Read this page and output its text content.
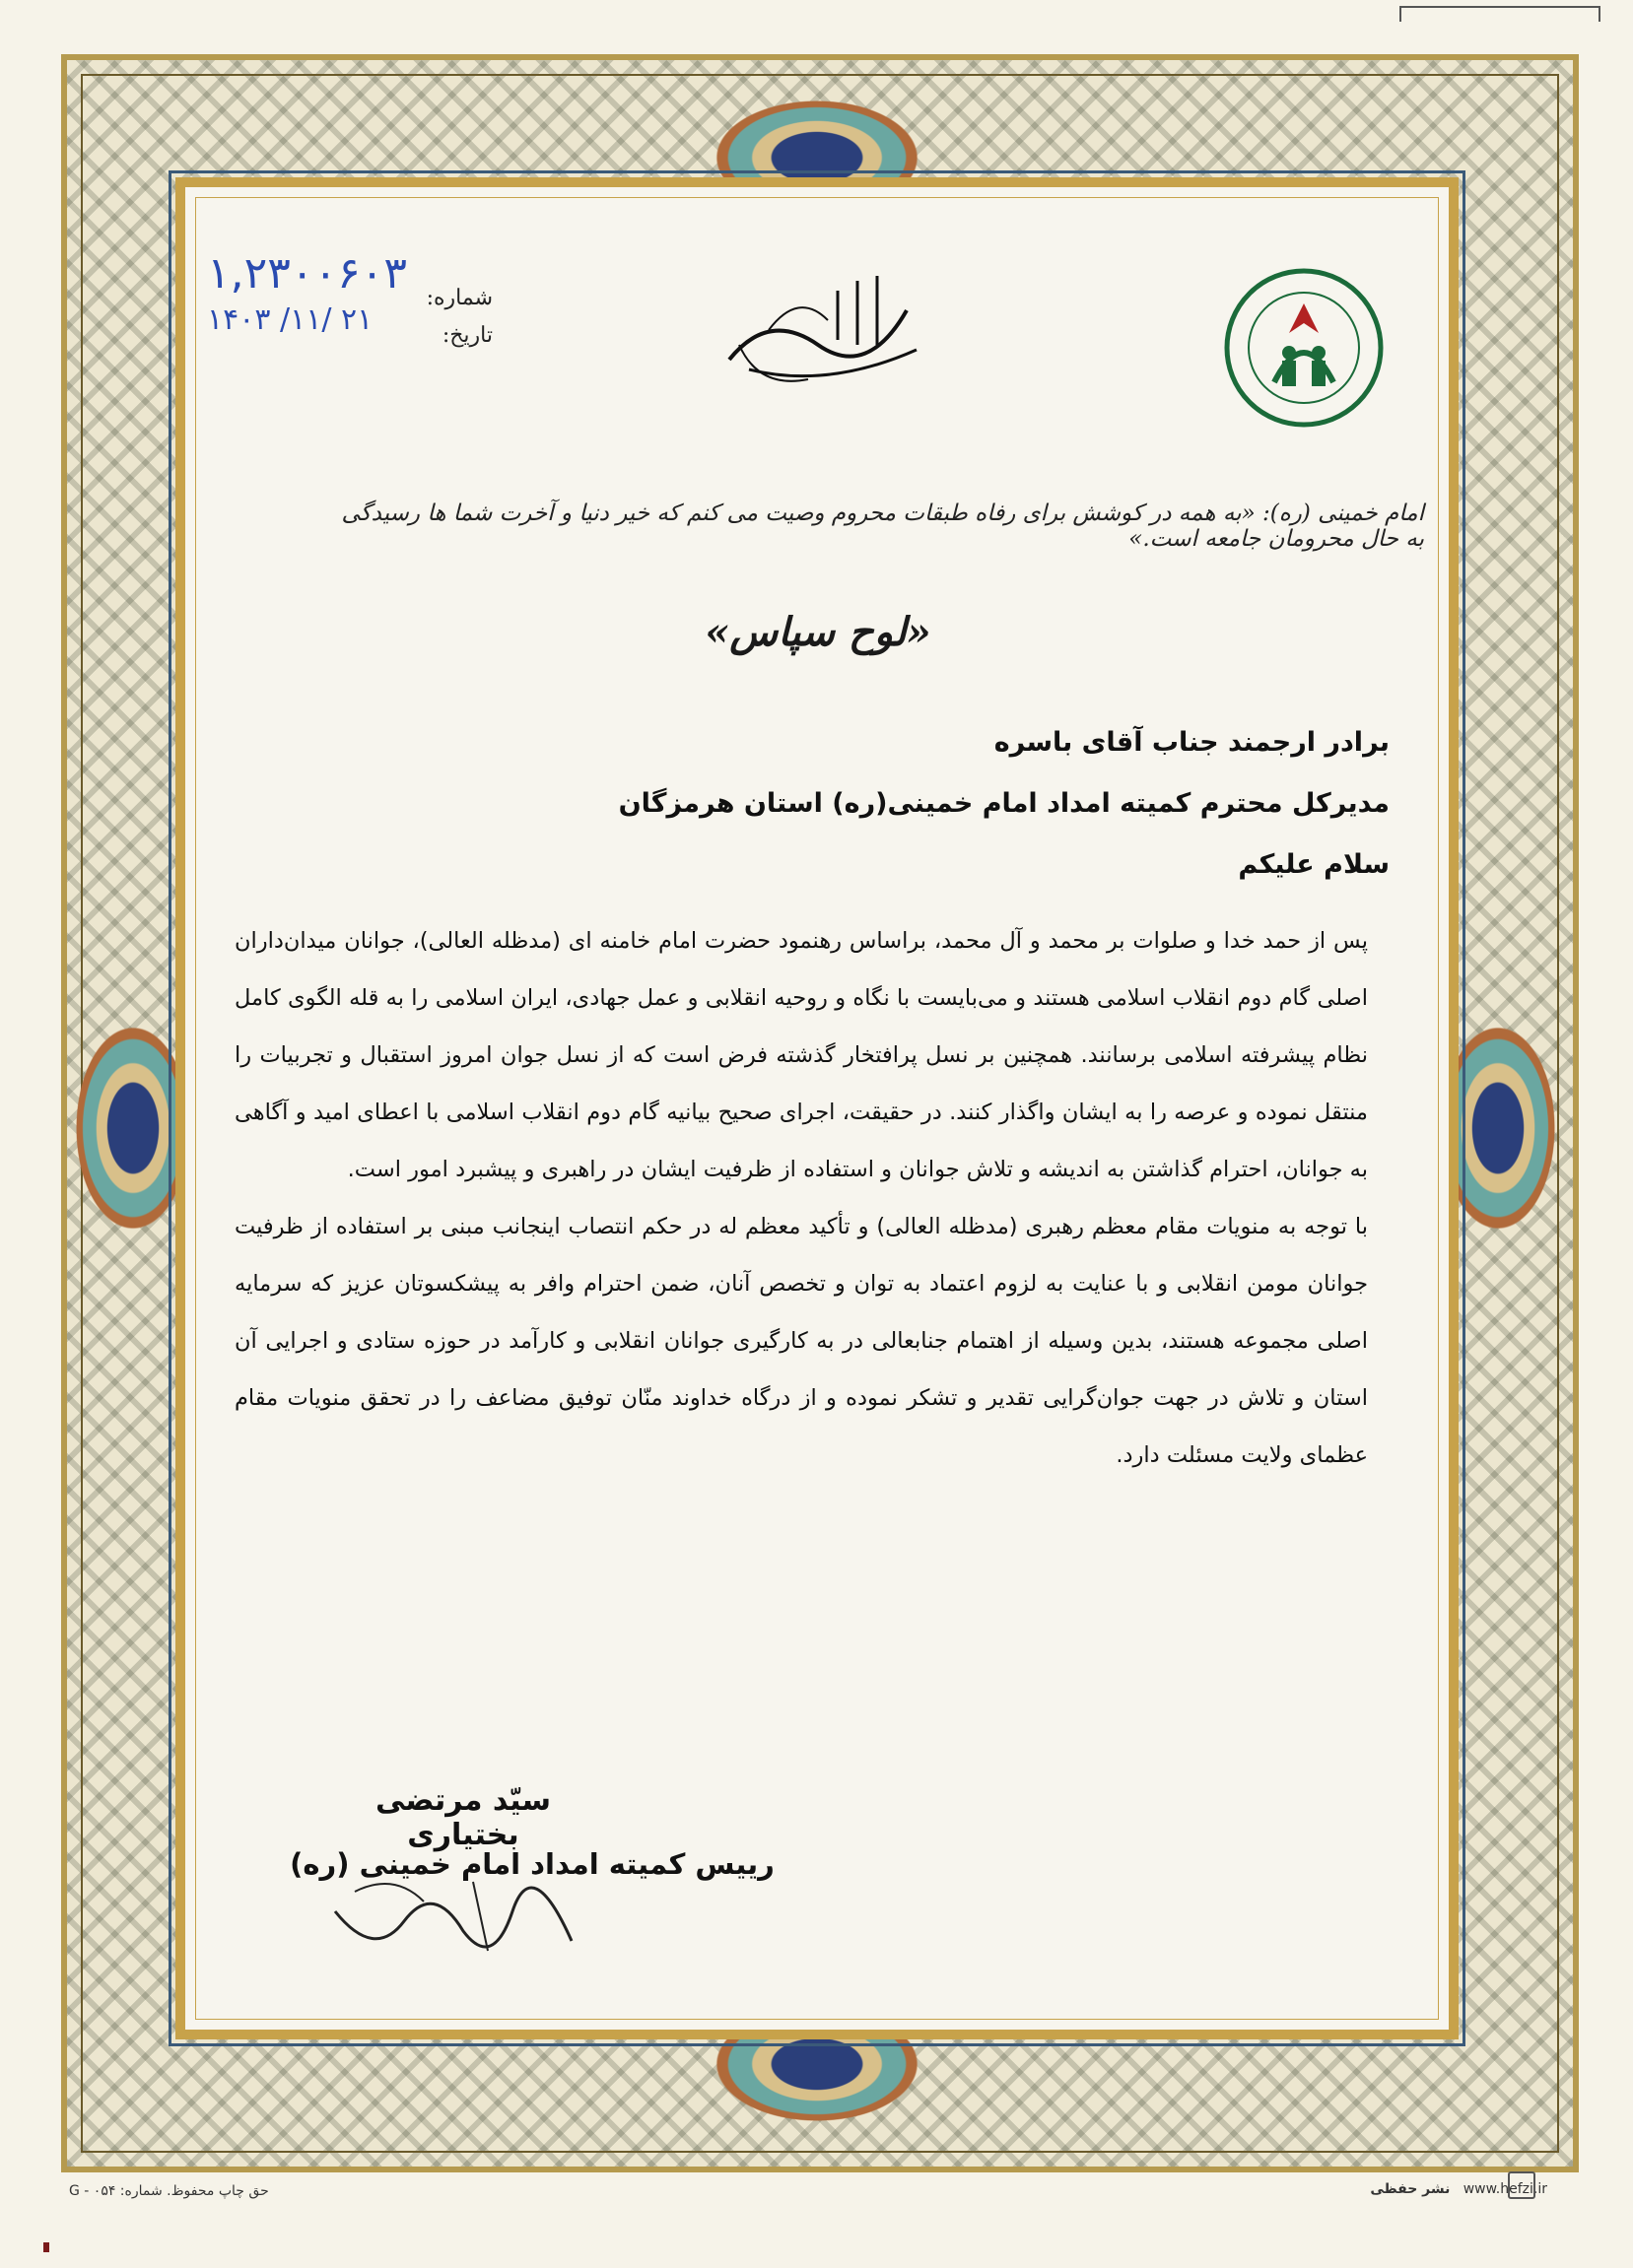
شماره:
تاریخ:
۱,۲۳۰۰۶۰۳
۱۴۰۳ /۱۱/ ۲۱
امام خمینی (ره): «به همه در کوشش برای رفاه طبقات محروم وصیت می کنم که خیر دنیا و آخرت شما ها رسیدگی به حال محرومان جامعه است.»
«لوح سپاس»
برادر ارجمند جناب آقای باسره
مدیرکل محترم کمیته امداد امام خمینی(ره) استان هرمزگان
سلام علیکم

پس از حمد خدا و صلوات بر محمد و آل محمد، براساس رهنمود حضرت امام خامنه ای (مدظله العالی)، جوانان میدان‌داران اصلی گام دوم انقلاب اسلامی هستند و می‌بایست با نگاه و روحیه انقلابی و عمل جهادی، ایران اسلامی را به قله الگوی کامل نظام پیشرفته اسلامی برسانند. همچنین بر نسل پرافتخار گذشته فرض است که از نسل جوان امروز استقبال و تجربیات را منتقل نموده و عرصه را به ایشان واگذار کنند. در حقیقت، اجرای صحیح بیانیه گام دوم انقلاب اسلامی با اعطای امید و آگاهی به جوانان، احترام گذاشتن به اندیشه و تلاش جوانان و استفاده از ظرفیت ایشان در راهبری و پیشبرد امور است.

با توجه به منویات مقام معظم رهبری (مدظله العالی) و تأکید معظم له در حکم انتصاب اینجانب مبنی بر استفاده از ظرفیت جوانان مومن انقلابی و با عنایت به لزوم اعتماد به توان و تخصص آنان، ضمن احترام وافر به پیشکسوتان عزیز که سرمایه اصلی مجموعه هستند، بدین وسیله از اهتمام جنابعالی در به کارگیری جوانان انقلابی و کارآمد در حوزه ستادی و اجرایی آن استان و تلاش در جهت جوان‌گرایی تقدیر و تشکر نموده و از درگاه خداوند منّان توفیق مضاعف را در تحقق منویات مقام عظمای ولایت مسئلت دارد.

سیّد مرتضی بختیاری
رییس کمیته امداد امام خمینی (ره)
حق چاپ محفوظ. شماره: G - ۰۵۴	www.hefzi.ir   نشر حفظی
